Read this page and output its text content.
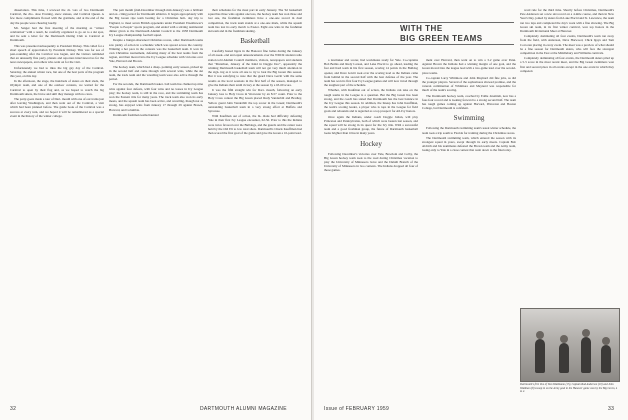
dissertation. This time, I screwed the di- vots of two Dartmouth Carnival, the cho- dose Evening, snow statues, and Carnival Queen. A few more compliments flowed with the gratitude, and at the end of the day the people were cheering loudly.

Mr. Sanger had the first meeting of the morning as "winter celebration" with a result, he carefully organized to go on to a ski spot, and he sent a letter for the Dartmouth Outing Club to Carnival at Dartmouth.

This was presented subsequently to President Dickey. This called for a short speech of appreciation by President Dickey. This was for sea of past-rounding after the Carnival was begun, and the visitors reminded that an unusually fine party, planets and reporters interviewed us for the news newspapers, and others who went on for the visit.

Unfortunately we had to miss the big gay day of the Carnival. Saturday, the annual winter race, but one of the best parts of the program this year, on this day.

In the afternoon, the stage, the hundreds of skiers on their sleds, the Olympic team, and one of the outdoor contests, we waited for the Carnival to open by their flag and, as we hoped to watch the big Dartmouth skiers, the brave and skill they manage with no cares.

The party-goers made a tour of Dart- mouth with one of our trains just after leaving Washington, and then went out of the Carnival, a visit which had been planned before. The guide book of the Carnival was a success at every turn, and we hoped it will be remembered as a special event in the history of the winter college.

The pair month (mid-December through mid-January) was a brilliant and ex- citing period for Dartmouth athletics. It began appropriately with the Big Green ripe team beating for a Christmas holi- day trip to England, to meet seven British opponents under President Eisenhower's "People to People" sports program, and ended with a stirring testimonial dinner given to the Dartmouth Alumni Council to the 1958 Dartmouth Ivy League championship football squad.

Despite a hunger-shortened Christmas recess, other Dartmouth teams saw plenty of action in a schedule which was spread across the country. Winning a hot pace in the contests was the basketball team. It won its own Christmas tournament, defeating many of the best teams from the region, and then moved into the Ivy League schedule with victories over Yale, Harvard and Brown.

The hockey team, which had a disap- pointing early season, picked up in the second half and came through with several wins, while the ski team, the track team and the wrestling team were also active through the period.

For the seconds, the Dartmouth basket- ball team has chalked up nine wins against four defeats, with four wins and no losses in Ivy League play; the hockey team, is still in the race, and the swimming team has won the Eastern title for many years. The track team also won its early meets, and the squash team has been active, and wrestling, though not as strong, has enjoyed wins from January 17 through 29 against Brown, Harvard, and Columbia.

Dartmouth freshman teams haunted

their schedules for the most part in early January. The '62 basketball squad has three wins against one loss, the hockey team has won three and lost one, the freshman swimmers have a one-one record in dual competition, the track team stands at a one-one mark, while the squash team has lost its early match to Exeter. Eight one wins in the freshman ski team and in the freshman skating.

Basketball

Carefully honed ligers in the Hanover fine ladies during the January of all-week- end and equal announcements over the WDCR student radio station told Alumni Council members, visitors, newspapers and students that "Marathon, January of the Kind in Daggie Doc", apparently the winning Dartmouth basketball team will not get very much attention in the sign- ing as it were all one to try to beat the Big Green this season. But it was satisfying to note that the guard Dave Gavitt with the same results as the local sessions in the first half of the season, managed to give the Indians their tenth victory at the season by a 63-60 score.

It was the fifth straight win for Dart- mouth, following an early January loss to Holy Cross in Worcester by an 8-57 count. Prior to the Holy Cross contest the Big Green placed Rudy Vanderbilt and Bradley, Yellow guard John Vanderbilt the top scorer in the Green; Dartmouth's outstanding basketball team in a very strong effort at Buffalo and Syracuse.

With Kaufman out of action, the In- dians had difficulty defeating Yale in their first Ivy League encounter, 62-56. Prior to this the Indians were twice favored over the Bulldogs, and the guards and the center were held by the Old Eli to low total shots. Dartmouth's Chuck Kauffman had then scored the first goal of the game and gave the Green a 10-point lead.

32	DARTMOUTH ALUMNI MAGAZINE
WITH THE
BIG GREEN TEAMS

a lawmaker and scorer, had workmates ready for Yale. Co-captains Bob Bemis and Rudy Larson, and Lake Placid to go ahead, leading the fast and hard team in his first season, scoring 14 points in the Bulldog opener, and Dave Gavitt took over the scoring load as the Indians came from behind in the second half with the best defense of the year. The team has won its first four Ivy League games and will now travel through the toughest part of the schedule.

Whether, with Kaufman out of action, the Indians can take on the tough teams in the League is a question. But the Big Green has been strong, and the coach has stated that Dartmouth has the best balance in the Ivy League this season. In addition, the lineup has John Kauffman, the team's scoring leader, a player who is tops in the League for field goals and rebounds and is regarded as a top prospect for All-Ivy honors.

Once again the Indians, under coach Doggie Julian, will play Princeton and Pennsylvania, both of which were beaten last season, and the squad will be strong in its quest for the Ivy title. With a successful team and a good freshman group, the future of Dartmouth basketball looks brighter than it has in many years.

Hockey

Following December's victories over Yale, Bowdoin and Colby, the Big Green hockey team took to the road during Christmas vacation to play the University of Minnesota twice and the Duluth Branch of the University of Minnesota in two contests. The Indians dropped all four of those games.

ment over Harvard, then went on to win a 3-2 game over Penn. Against Brown the Indians had a winning margin of one goal, and the Green moved into the league lead with a two-game lead over the second-place teams.

Co-captain Larry Whitmore and John Maynard did fine jobs, as did the younger players. Several of the sophomores showed promise, and the veteran combination of Whitmore and Maynard was responsible for much of the team's scoring.

The Dartmouth hockey team, coached by Eddie Jeremiah, now has a four-four record and is looking forward to a strong second half. The team has tough games coming up against Harvard, Princeton and Boston College, but Dartmouth is confident.

Swimming

Following the Dartmouth swimming team's usual winter schedule, the team took a trip south to Florida for training during the Christmas recess.

The Dartmouth swimming team, which entered the season with its strongest squad in years, swept through its early meets. Captain Bob Aldrich and his teammates defeated the Brown team and the Army team, losing only to Yale in a close contest that went down to the final relay.

ward rule for the third time. Shortly before Christmas, Dartmouth's Pete Anderson set a new ski record on a 4-mile course, and then in New Year's Day, joined by skiers from Lake Placid and St. Lawrence, the team ran two laps and completed the day's work with a fine showing. The Big Green ski team, in its first winter carnival, won top honors in the Dartmouth Invitational Meet at Hanover.

Completely dominating all four events, Dartmouth's team ran away from the field, with Anderson, Dave Harwood, Chick Igaya and Tom Corcoran placing in every event. The meet was a preview of what should be a fine season for Dartmouth skiers, who will face the strongest competition in the East at the Middlebury and Williams carnivals.

Completely dominating all four events, the Dartmouth skiers piled up a 5-5 score in the most recent meet, and the Big Green swimmers won first and second place in all events except in the one event in which they competed.

Dartmouth's first line of Tom Waldmann (15), Captain Rod Anderson (10) and John Waldman (8) swoop in on the Army goal in the Hanover game won by the Big Green, 4 to 2.
Issue of FEBRUARY 1959	33
